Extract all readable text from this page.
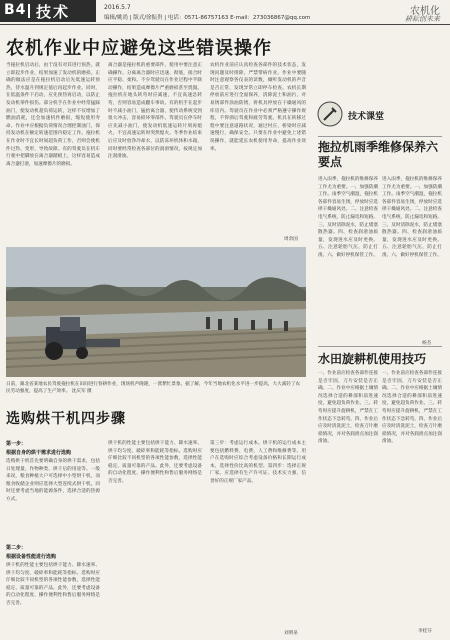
B4 技术	2016.5.7
编辑/姚尚 | 版式/徐振贵 | 电话：0571-86757163 E-mail：273036867@qq.com
农机化
耕耘创未来
农机作业中应避免这些错误操作
当拖拉机启动后，由于没有对其进行预热，就立即起步作业，结果加速了发动机的磨损。正确的做法应是在拖拉机启动后先低速运转预热，待水温升到规定值后再起步作业。同时，在低温条件下启动，应先预热再启动，以防止发动机零件损伤。部分机手在作业中经常猛踩油门，使发动机超负荷运转，这样不仅增加了燃油消耗，还会加速机件磨损，缩短使用寿命。作业中应根据负荷情况合理控制油门，保持发动机在额定转速范围内稳定工作。拖拉机在作业时不宜长时间超负荷工作，否则会使机件过热、变形，导致故障。有的驾驶员在机车行驶中把脚放在离合器踏板上，这样容易造成离合器打滑，加速摩擦片的磨损。
离合器是拖拉机的重要部件，使用中要注意正确操作。分离离合器时应迅速、彻底，接合时应平稳、柔和。不少驾驶员在作业过程中半联动操作，结果造成摩擦片严重磨损甚至烧毁。拖拉机在地头转弯时应减速，不宜高速急转弯，否则容易造成翻车事故。有的机手在起步时不减小油门，猛抬离合器，使传动系统受到很大冲击，容易损坏零部件。驾驶员在停车时应先减小油门，使发动机低速运转片刻再熄火，不宜高速运转时突然熄火。冬季作业结束后应及时放净冷却水，以防冻坏机体和水箱。同时要经常检查各部位的润滑情况，按规定加注润滑油。
农机作业前应认真检查各部件的技术状态，发现问题及时排除，严禁带病作业。作业中要随时注意观察各仪表的读数，倾听发动机的声音是否正常，发现异常立即停车检查。农机长期停放前应进行全面保养，清除泥土和油污，对易锈部件涂油防锈，将机具停放在干燥通风的库房内。驾驶员在作业中必须严格遵守操作规程，不得酒后驾驶和疲劳驾驶。机具在转移过程中要注意道路状况，通过村庄、桥梁时应减速慢行，确保安全。只要在作业中避免上述错误操作，就能延长农机使用寿命，提高作业效率。
周余国
日前，湖北省某地农民驾驶拖拉机在田间进行春耕作业，现场机声隆隆，一派繁忙景象。据了解，今年当地农机化水平进一步提高，大大减轻了农民劳动强度，提高了生产效率。 沈庆军 摄
选购烘干机四步骤
第一步：
根据自身的烘干需求进行选购
选购烘干机首先要明确自身的烘干需求，包括日处理量、作物种类、烘干后的用途等。一般来说，粮食种植大户可选择中小型烘干机，而粮食收储企业则应选择大型连续式烘干机。同时还要考虑当地的能源条件，选择合适的热源方式。
第二步：
根据设备性能进行选购
烘干机的性能主要包括烘干能力、降水速率、烘干均匀度、破碎率和能耗等指标。选购时应仔细比较不同机型的各项性能参数，选择性能稳定、质量可靠的产品。此外，还要考虑设备的自动化程度、操作便利性和售后服务网络是否完善。
烘干机的性能主要包括烘干能力、降水速率、烘干均匀度、破碎率和能耗等指标。选购时应仔细比较不同机型的各项性能参数，选择性能稳定、质量可靠的产品。此外，还要考虑设备的自动化程度、操作便利性和售后服务网络是否完善。
第三步：考虑运行成本。烘干机的运行成本主要包括燃料费、电费、人工费和维修费等。用户在选购时应综合考虑设备价格和长期运行成本，选择性价比高的机型。第四步：选择正规厂家。应选择有生产许可证、技术实力强、信誉好的正规厂家产品。
刘明泉
技术课堂
拖拉机雨季维修保养六要点
进入雨季，拖拉机的维修保养工作尤为重要。一、加强防潮工作。雨季空气潮湿，拖拉机各部件容易生锈，停放时应选择干燥通风处。二、注意检查电气系统，防止漏电和短路。三、及时清除泥水，防止堵塞散热器。四、检查润滑油质量，发现进水应及时更换。五、注意轮胎气压，防止打滑。六、做好停机保管工作。
进入雨季，拖拉机的维修保养工作尤为重要。一、加强防潮工作。雨季空气潮湿，拖拉机各部件容易生锈，停放时应选择干燥通风处。二、注意检查电气系统，防止漏电和短路。三、及时清除泥水，防止堵塞散热器。四、检查润滑油质量，发现进水应及时更换。五、注意轮胎气压，防止打滑。六、做好停机保管工作。
杨杰
水田旋耕机使用技巧
一、作业前应检查各部件连接是否牢固，刀片安装是否正确。二、作业中应根据土壤情况选择合适的耕深和前进速度，避免超负荷作业。三、转弯时应提升旋耕机，严禁在工作状态下急转弯。四、作业后应及时清洗泥土，检查刀片磨损情况，并对各润滑点加注润滑油。
一、作业前应检查各部件连接是否牢固，刀片安装是否正确。二、作业中应根据土壤情况选择合适的耕深和前进速度，避免超负荷作业。三、转弯时应提升旋耕机，严禁在工作状态下急转弯。四、作业后应及时清洗泥土，检查刀片磨损情况，并对各润滑点加注润滑油。
李桂芬
